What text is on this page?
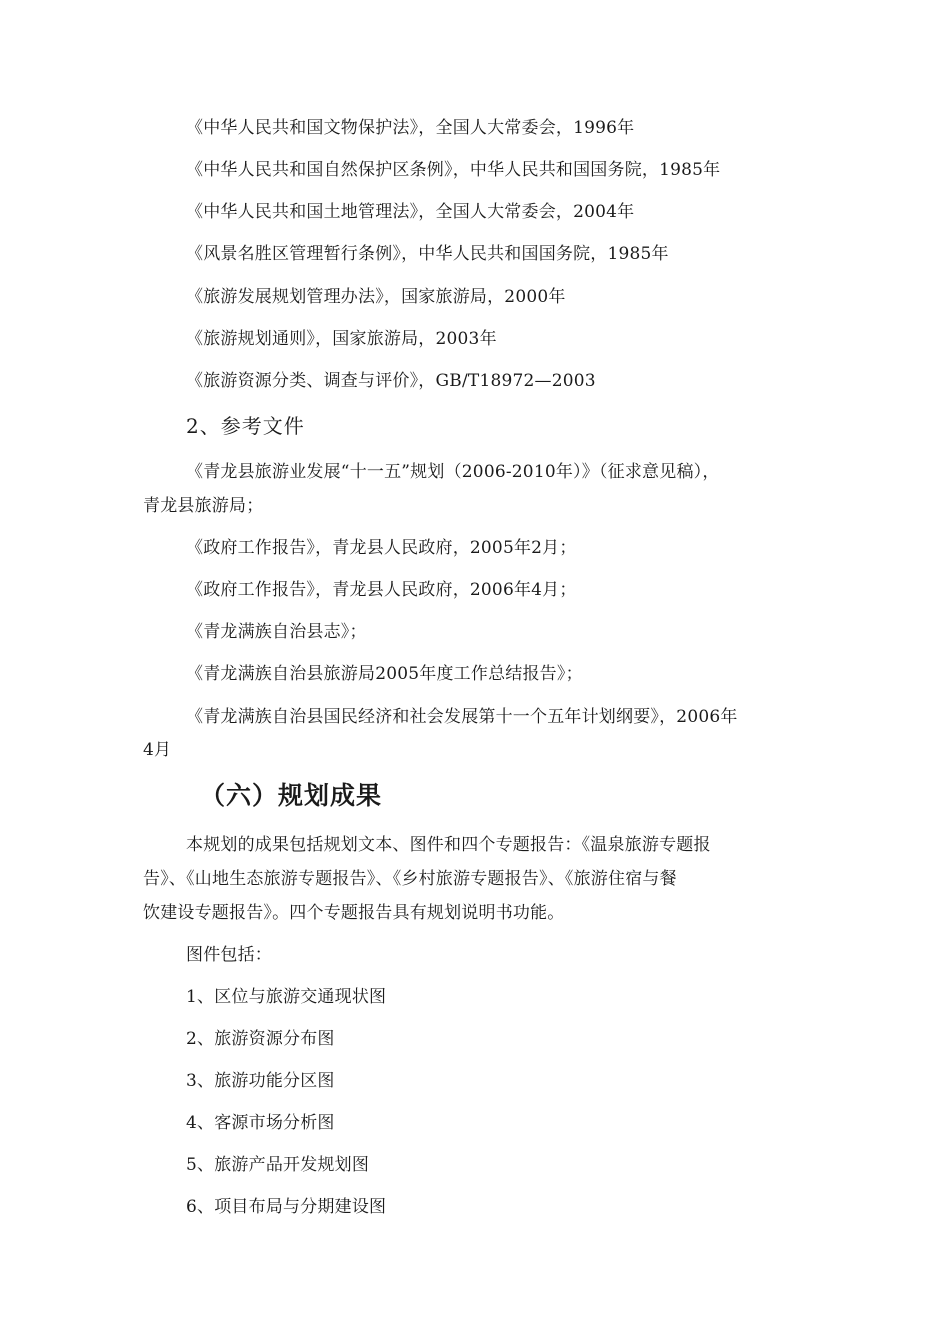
《中华人民共和国文物保护法》，全国人大常委会，1996年
《中华人民共和国自然保护区条例》，中华人民共和国国务院，1985年
《中华人民共和国土地管理法》，全国人大常委会，2004年
《风景名胜区管理暂行条例》，中华人民共和国国务院，1985年
《旅游发展规划管理办法》，国家旅游局，2000年
《旅游规划通则》，国家旅游局，2003年
《旅游资源分类、调查与评价》，GB/T18972—2003
2、参考文件
《青龙县旅游业发展“十一五”规划（2006-2010年）》（征求意见稿），
青龙县旅游局；
《政府工作报告》，青龙县人民政府，2005年2月；
《政府工作报告》，青龙县人民政府，2006年4月；
《青龙满族自治县志》；
《青龙满族自治县旅游局2005年度工作总结报告》；
《青龙满族自治县国民经济和社会发展第十一个五年计划纲要》，2006年
4月
（六）规划成果
本规划的成果包括规划文本、图件和四个专题报告：《温泉旅游专题报
告》、《山地生态旅游专题报告》、《乡村旅游专题报告》、《旅游住宿与餐
饮建设专题报告》。四个专题报告具有规划说明书功能。
图件包括：
1、区位与旅游交通现状图
2、旅游资源分布图
3、旅游功能分区图
4、客源市场分析图
5、旅游产品开发规划图
6、项目布局与分期建设图
